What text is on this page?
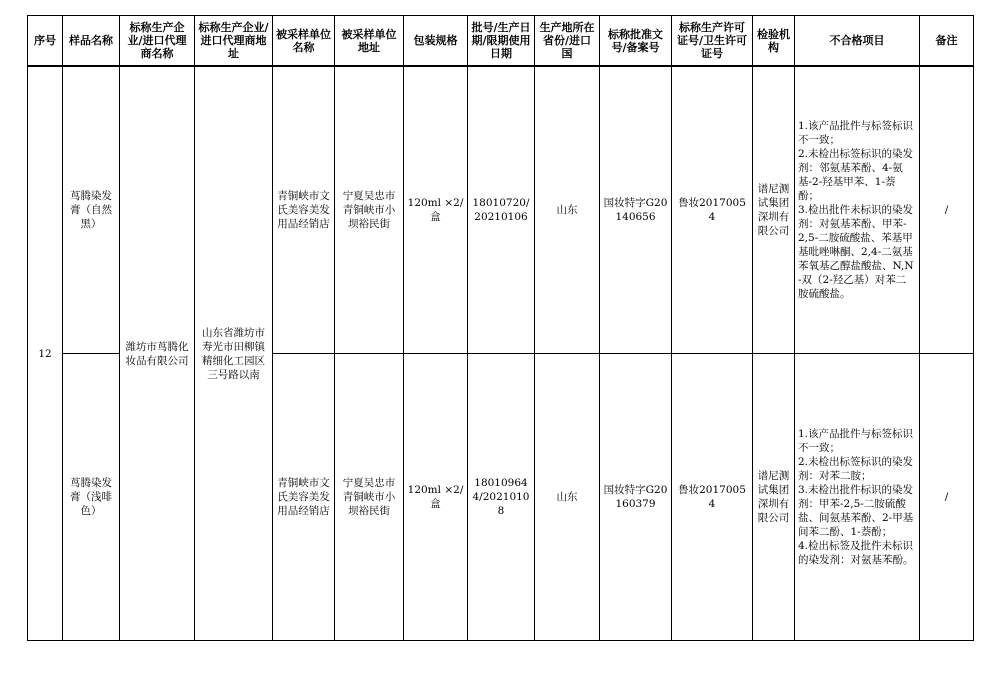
序号	样品名称	标称生产企业/进口代理商名称	标称生产企业/进口代理商地址	被采样单位名称	被采样单位地址	包装规格	批号/生产日期/限期使用日期	生产地所在省份/进口国	标称批准文号/备案号	标称生产许可证号/卫生许可证号	检验机构	不合格项目	备注
12	茑腾染发膏（自然黑）	潍坊市茑腾化妆品有限公司	山东省潍坊市寿光市田柳镇精细化工园区三号路以南	青铜峡市文氏美容美发用品经销店	宁夏吴忠市青铜峡市小坝裕民街	120ml ×2/盒	18010720/20210106	山东	国妆特字G20140656	鲁妆20170054	谱尼测试集团深圳有限公司	1.该产品批件与标签标识不一致；
2.未检出标签标识的染发剂：邻氨基苯酚、4-氨基-2-羟基甲苯、1-萘酚；
3.检出批件未标识的染发剂：对氨基苯酚、甲苯-2,5-二胺硫酸盐、苯基甲基吡唑啉酮、2,4-二氨基苯氧基乙醇盐酸盐、N,N-双（2-羟乙基）对苯二胺硫酸盐。	/
	茑腾染发膏（浅啡色）			青铜峡市文氏美容美发用品经销店	宁夏吴忠市青铜峡市小坝裕民街	120ml ×2/盒	180109644/20210108	山东	国妆特字G20160379	鲁妆20170054	谱尼测试集团深圳有限公司	1.该产品批件与标签标识不一致；
2.未检出标签标识的染发剂：对苯二胺；
3.未检出批件标识的染发剂：甲苯-2,5-二胺硫酸盐、间氨基苯酚、2-甲基间苯二酚、1-萘酚；
4.检出标签及批件未标识的染发剂：对氨基苯酚。	/
